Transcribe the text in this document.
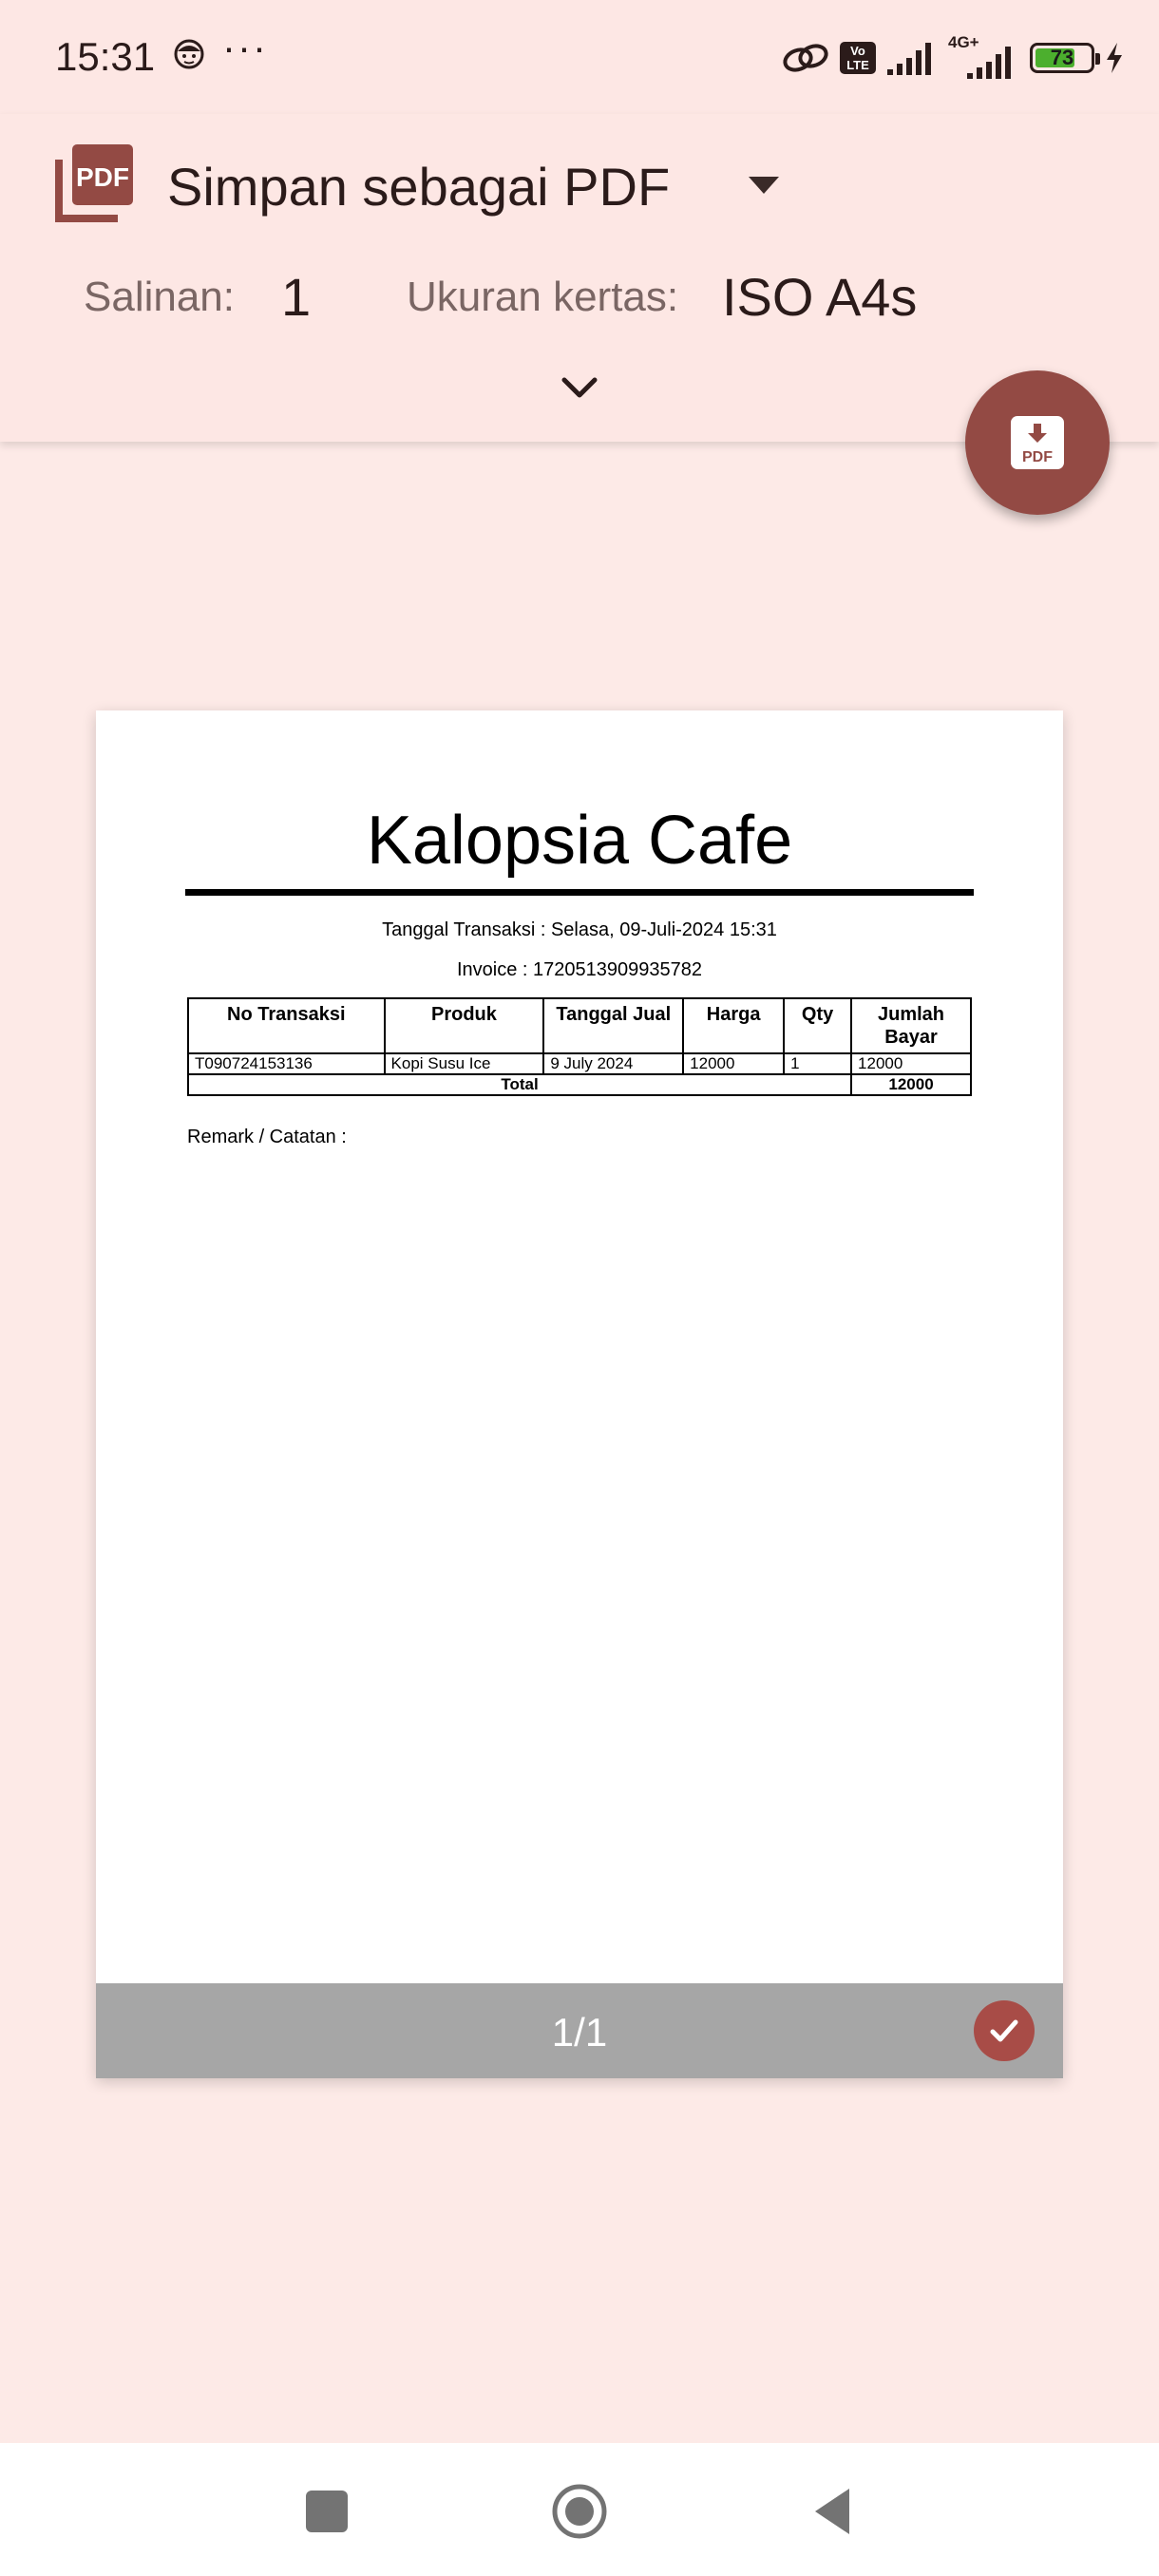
15:31 ···	Vo LTE
4G+
73
PDF Simpan sebagai PDF
Salinan: 1 Ukuran kertas: ISO A4s
PDF
Kalopsia Cafe
Tanggal Transaksi : Selasa, 09-Juli-2024 15:31
Invoice : 1720513909935782
No Transaksi	Produk	Tanggal Jual	Harga	Qty	Jumlah Bayar
T090724153136	Kopi Susu Ice	9 July 2024	12000	1	12000
Total					12000
Remark / Catatan :
1/1
